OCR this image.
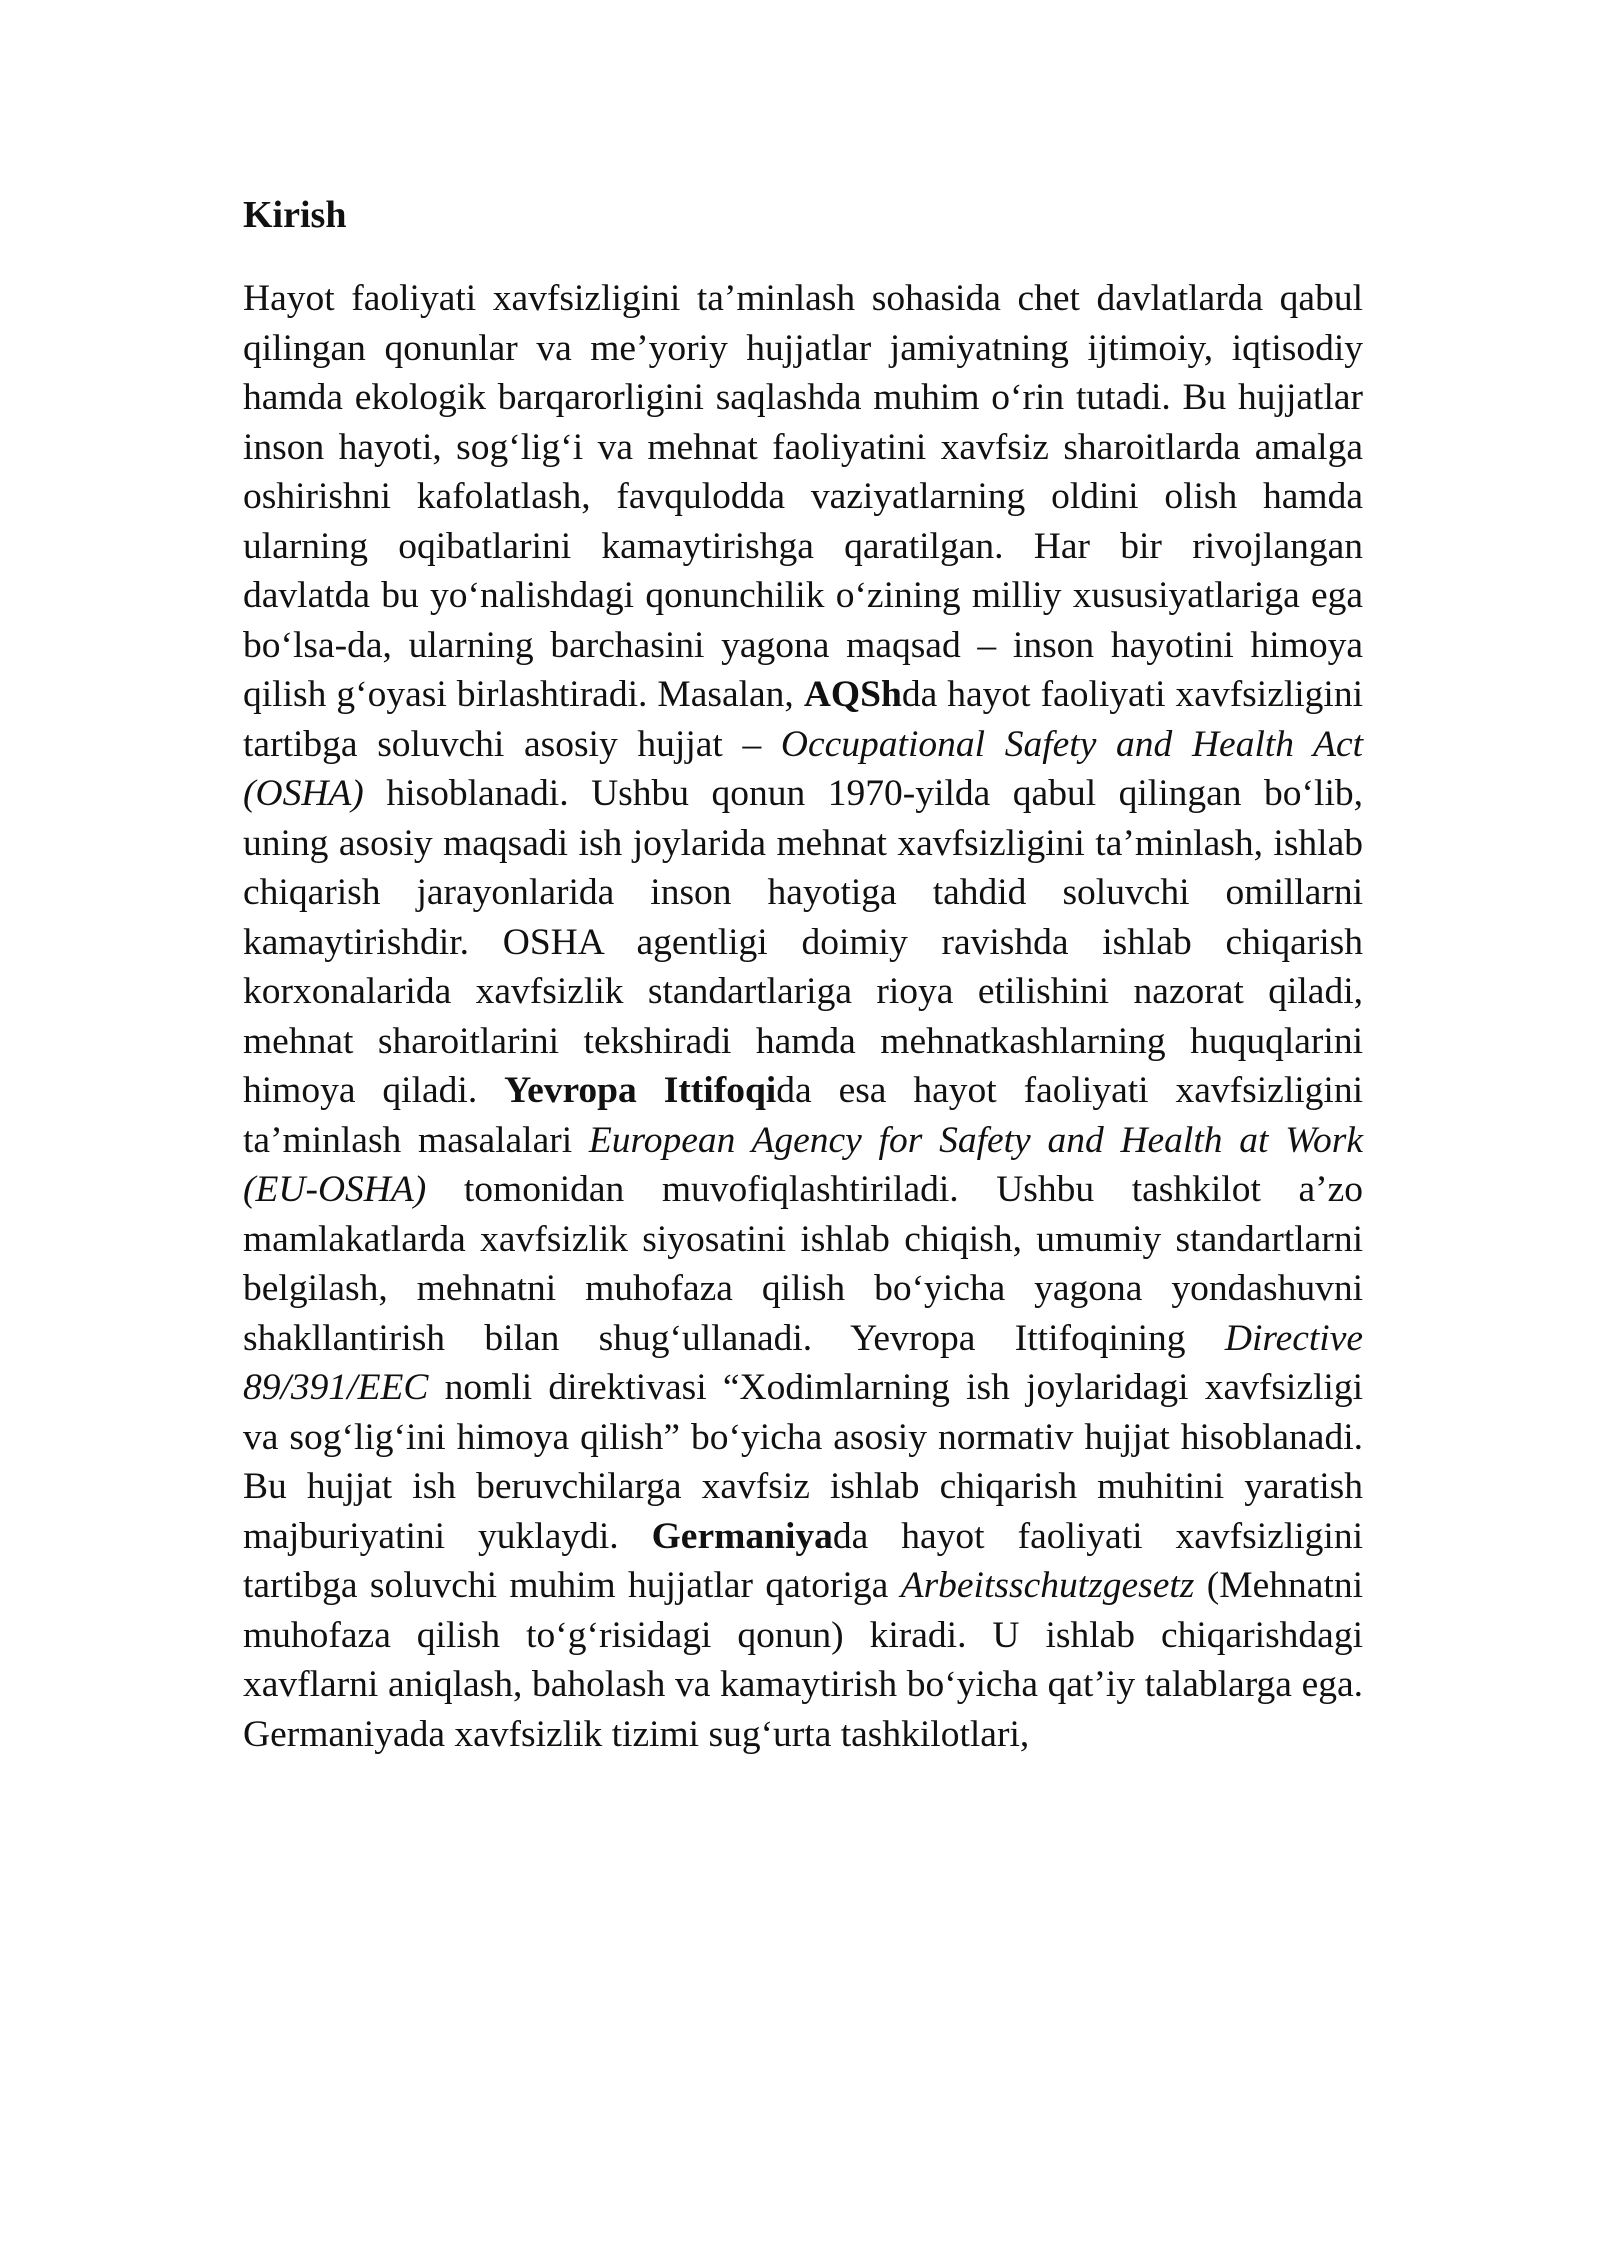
Kirish

Hayot faoliyati xavfsizligini ta’minlash sohasida chet davlatlarda qabul qilingan qonunlar va me’yoriy hujjatlar jamiyatning ijtimoiy, iqtisodiy hamda ekologik barqarorligini saqlashda muhim o‘rin tutadi. Bu hujjatlar inson hayoti, sog‘lig‘i va mehnat faoliyatini xavfsiz sharoitlarda amalga oshirishni kafolatlash, favqulodda vaziyatlarning oldini olish hamda ularning oqibatlarini kamaytirishga qaratilgan. Har bir rivojlangan davlatda bu yo‘nalishdagi qonunchilik o‘zining milliy xususiyatlariga ega bo‘lsa-da, ularning barchasini yagona maqsad – inson hayotini himoya qilish g‘oyasi birlashtiradi. Masalan, AQShda hayot faoliyati xavfsizligini tartibga soluvchi asosiy hujjat – Occupational Safety and Health Act (OSHA) hisoblanadi. Ushbu qonun 1970-yilda qabul qilingan bo‘lib, uning asosiy maqsadi ish joylarida mehnat xavfsizligini ta’minlash, ishlab chiqarish jarayonlarida inson hayotiga tahdid soluvchi omillarni kamaytirishdir. OSHA agentligi doimiy ravishda ishlab chiqarish korxonalarida xavfsizlik standartlariga rioya etilishini nazorat qiladi, mehnat sharoitlarini tekshiradi hamda mehnatkashlarning huquqlarini himoya qiladi. Yevropa Ittifoqida esa hayot faoliyati xavfsizligini ta’minlash masalalari European Agency for Safety and Health at Work (EU-OSHA) tomonidan muvofiqlashtiriladi. Ushbu tashkilot a’zo mamlakatlarda xavfsizlik siyosatini ishlab chiqish, umumiy standartlarni belgilash, mehnatni muhofaza qilish bo‘yicha yagona yondashuvni shakllantirish bilan shug‘ullanadi. Yevropa Ittifoqining Directive 89/391/EEC nomli direktivasi “Xodimlarning ish joylaridagi xavfsizligi va sog‘lig‘ini himoya qilish” bo‘yicha asosiy normativ hujjat hisoblanadi. Bu hujjat ish beruvchilarga xavfsiz ishlab chiqarish muhitini yaratish majburiyatini yuklaydi. Germaniyada hayot faoliyati xavfsizligini tartibga soluvchi muhim hujjatlar qatoriga Arbeitsschutzgesetz (Mehnatni muhofaza qilish to‘g‘risidagi qonun) kiradi. U ishlab chiqarishdagi xavflarni aniqlash, baholash va kamaytirish bo‘yicha qat’iy talablarga ega. Germaniyada xavfsizlik tizimi sug‘urta tashkilotlari,
